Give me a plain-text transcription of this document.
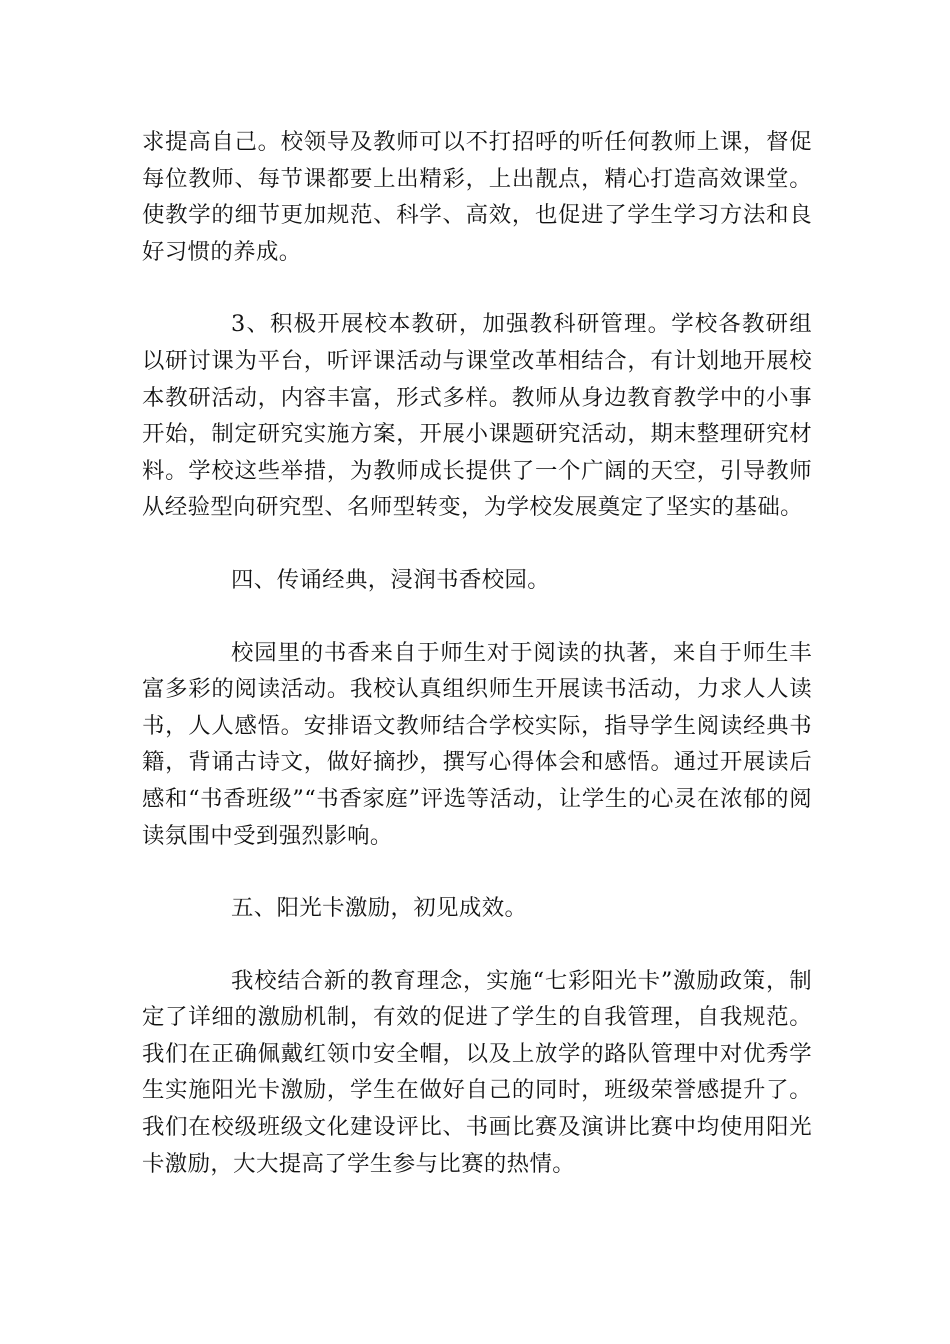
求提高自己。校领导及教师可以不打招呼的听任何教师上课，督促每位教师、每节课都要上出精彩，上出靓点，精心打造高效课堂。使教学的细节更加规范、科学、高效，也促进了学生学习方法和良好习惯的养成。

3、积极开展校本教研，加强教科研管理。学校各教研组以研讨课为平台，听评课活动与课堂改革相结合，有计划地开展校本教研活动，内容丰富，形式多样。教师从身边教育教学中的小事开始，制定研究实施方案，开展小课题研究活动，期末整理研究材料。学校这些举措，为教师成长提供了一个广阔的天空，引导教师从经验型向研究型、名师型转变，为学校发展奠定了坚实的基础。

四、传诵经典，浸润书香校园。

校园里的书香来自于师生对于阅读的执著，来自于师生丰富多彩的阅读活动。我校认真组织师生开展读书活动，力求人人读书，人人感悟。安排语文教师结合学校实际，指导学生阅读经典书籍，背诵古诗文，做好摘抄，撰写心得体会和感悟。通过开展读后感和“书香班级”“书香家庭”评选等活动，让学生的心灵在浓郁的阅读氛围中受到强烈影响。

五、阳光卡激励，初见成效。

我校结合新的教育理念，实施“七彩阳光卡”激励政策，制定了详细的激励机制，有效的促进了学生的自我管理，自我规范。我们在正确佩戴红领巾安全帽，以及上放学的路队管理中对优秀学生实施阳光卡激励，学生在做好自己的同时，班级荣誉感提升了。我们在校级班级文化建设评比、书画比赛及演讲比赛中均使用阳光卡激励，大大提高了学生参与比赛的热情。
